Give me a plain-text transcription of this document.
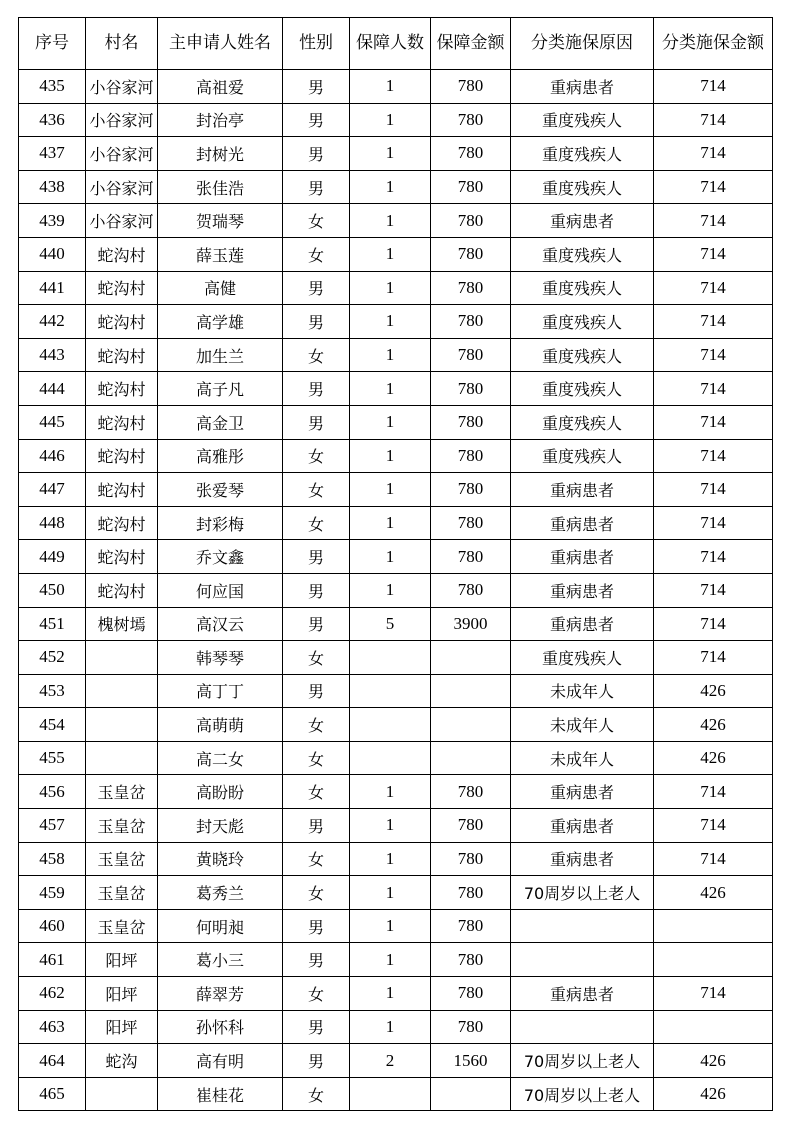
序号	村名	主申请人姓名	性别	保障人数	保障金额	分类施保原因	分类施保金额
435	小谷家河	高祖爱	男	1	780	重病患者	714
436	小谷家河	封治亭	男	1	780	重度残疾人	714
437	小谷家河	封树光	男	1	780	重度残疾人	714
438	小谷家河	张佳浩	男	1	780	重度残疾人	714
439	小谷家河	贺瑞琴	女	1	780	重病患者	714
440	蛇沟村	薛玉莲	女	1	780	重度残疾人	714
441	蛇沟村	高健	男	1	780	重度残疾人	714
442	蛇沟村	高学雄	男	1	780	重度残疾人	714
443	蛇沟村	加生兰	女	1	780	重度残疾人	714
444	蛇沟村	高子凡	男	1	780	重度残疾人	714
445	蛇沟村	高金卫	男	1	780	重度残疾人	714
446	蛇沟村	高雅彤	女	1	780	重度残疾人	714
447	蛇沟村	张爱琴	女	1	780	重病患者	714
448	蛇沟村	封彩梅	女	1	780	重病患者	714
449	蛇沟村	乔文鑫	男	1	780	重病患者	714
450	蛇沟村	何应国	男	1	780	重病患者	714
451	槐树墕	高汉云	男	5	3900	重病患者	714
452		韩琴琴	女			重度残疾人	714
453		高丁丁	男			未成年人	426
454		高萌萌	女			未成年人	426
455		高二女	女			未成年人	426
456	玉皇岔	高盼盼	女	1	780	重病患者	714
457	玉皇岔	封天彪	男	1	780	重病患者	714
458	玉皇岔	黄晓玲	女	1	780	重病患者	714
459	玉皇岔	葛秀兰	女	1	780	70周岁以上老人	426
460	玉皇岔	何明昶	男	1	780		
461	阳坪	葛小三	男	1	780		
462	阳坪	薛翠芳	女	1	780	重病患者	714
463	阳坪	孙怀科	男	1	780		
464	蛇沟	高有明	男	2	1560	70周岁以上老人	426
465		崔桂花	女			70周岁以上老人	426
